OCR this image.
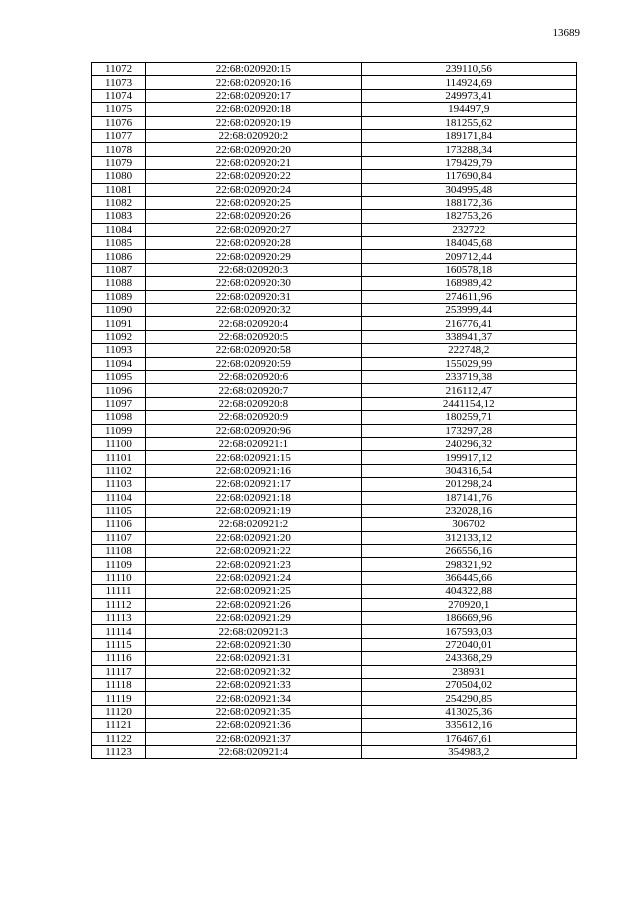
13689
11072	22:68:020920:15	239110,56
11073	22:68:020920:16	114924,69
11074	22:68:020920:17	249973,41
11075	22:68:020920:18	194497,9
11076	22:68:020920:19	181255,62
11077	22:68:020920:2	189171,84
11078	22:68:020920:20	173288,34
11079	22:68:020920:21	179429,79
11080	22:68:020920:22	117690,84
11081	22:68:020920:24	304995,48
11082	22:68:020920:25	188172,36
11083	22:68:020920:26	182753,26
11084	22:68:020920:27	232722
11085	22:68:020920:28	184045,68
11086	22:68:020920:29	209712,44
11087	22:68:020920:3	160578,18
11088	22:68:020920:30	168989,42
11089	22:68:020920:31	274611,96
11090	22:68:020920:32	253999,44
11091	22:68:020920:4	216776,41
11092	22:68:020920:5	338941,37
11093	22:68:020920:58	222748,2
11094	22:68:020920:59	155029,99
11095	22:68:020920:6	233719,38
11096	22:68:020920:7	216112,47
11097	22:68:020920:8	2441154,12
11098	22:68:020920:9	180259,71
11099	22:68:020920:96	173297,28
11100	22:68:020921:1	240296,32
11101	22:68:020921:15	199917,12
11102	22:68:020921:16	304316,54
11103	22:68:020921:17	201298,24
11104	22:68:020921:18	187141,76
11105	22:68:020921:19	232028,16
11106	22:68:020921:2	306702
11107	22:68:020921:20	312133,12
11108	22:68:020921:22	266556,16
11109	22:68:020921:23	298321,92
11110	22:68:020921:24	366445,66
11111	22:68:020921:25	404322,88
11112	22:68:020921:26	270920,1
11113	22:68:020921:29	186669,96
11114	22:68:020921:3	167593,03
11115	22:68:020921:30	272040,01
11116	22:68:020921:31	243368,29
11117	22:68:020921:32	238931
11118	22:68:020921:33	270504,02
11119	22:68:020921:34	254290,85
11120	22:68:020921:35	413025,36
11121	22:68:020921:36	335612,16
11122	22:68:020921:37	176467,61
11123	22:68:020921:4	354983,2
